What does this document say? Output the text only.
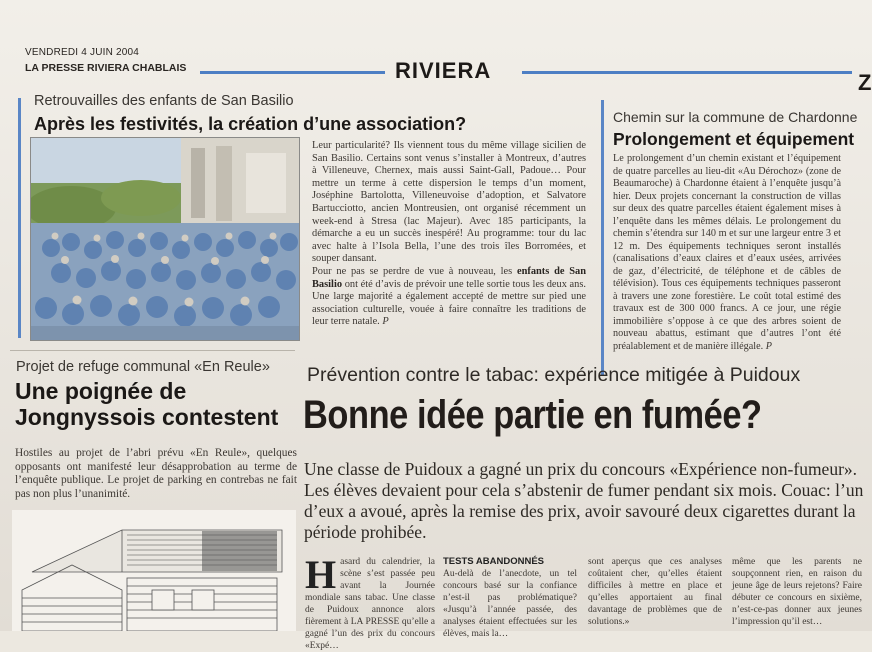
VENDREDI 4 JUIN 2004
LA PRESSE RIVIERA CHABLAIS	RIVIERA	Z
Retrouvailles des enfants de San Basilio
Après les festivités, la création d’une association?
Leur particularité? Ils viennent tous du même village sicilien de San Basilio. Certains sont venus s’installer à Montreux, d’autres à Villeneuve, Chernex, mais aussi Saint-Gall, Padoue… Pour mettre un terme à cette dispersion le temps d’un moment, Joséphine Bartolotta, Villeneuvoise d’adoption, et Salvatore Bartucciotto, ancien Montreusien, ont organisé récemment un week-end à Stresa (lac Majeur). Avec 185 participants, la démarche a eu un succès inespéré! Au programme: tour du lac avec halte à l’Isola Bella, l’une des trois îles Borromées, et souper dansant.
Pour ne pas se perdre de vue à nouveau, les enfants de San Basilio ont été d’avis de prévoir une telle sortie tous les deux ans. Une large majorité a également accepté de mettre sur pied une association culturelle, vouée à faire connaître les traditions de leur terre natale. P
Chemin sur la commune de Chardonne
Prolongement et équipement
Le prolongement d’un chemin existant et l’équipement de quatre parcelles au lieu-dit «Au Dérochoz» (zone de Beaumaroche) à Chardonne étaient à l’enquête jusqu’à hier. Deux projets concernant la construction de villas sur deux des quatre parcelles étaient également mises à l’enquête dans les mêmes délais. Le prolongement du chemin s’étendra sur 140 m et sur une largeur entre 3 et 12 m. Des équipements techniques seront installés (canalisations d’eaux claires et d’eaux usées, arrivées de gaz, d’électricité, de téléphone et de câbles de télévision). Tous ces équipements techniques passeront à travers une zone forestière. Le coût total estimé des travaux est de 300 000 francs. A ce jour, une régie immobilière s’oppose à ce que des arbres soient de nouveau abattus, estimant que d’autres l’ont été préalablement et de manière illégale. P
Projet de refuge communal «En Reule»
Une poignée de
Jongnyssois contestent
Hostiles au projet de l’abri prévu «En Reule», quelques opposants ont manifesté leur désapprobation au terme de l’enquête publique. Le projet de parking en contrebas ne fait pas non plus l’unanimité.
Prévention contre le tabac: expérience mitigée à Puidoux
Bonne idée partie en fumée?
Une classe de Puidoux a gagné un prix du concours «Expérience non-fumeur». Les élèves devaient pour cela s’abstenir de fumer pendant six mois. Couac: l’un d’eux a avoué, après la remise des prix, avoir savouré deux cigarettes durant la période prohibée.
H asard du calendrier, la scène s’est passée peu avant la Journée mondiale sans tabac. Une classe de Puidoux annonce alors fièrement à LA PRESSE qu’elle a gagné l’un des prix du concours «Expé…
TESTS ABANDONNÉS
Au-delà de l’anecdote, un tel concours basé sur la confiance n’est-il pas problématique? «Jusqu’à l’année passée, des analyses étaient effectuées sur les élèves, mais la…
sont aperçus que ces analyses coûtaient cher, qu’elles étaient difficiles à mettre en place et qu’elles apportaient au final davantage de problèmes que de solutions.»
même que les parents ne soupçonnent rien, en raison du jeune âge de leurs rejetons? Faire débuter ce concours en sixième, n’est-ce-pas donner aux jeunes l’impression qu’il est…
